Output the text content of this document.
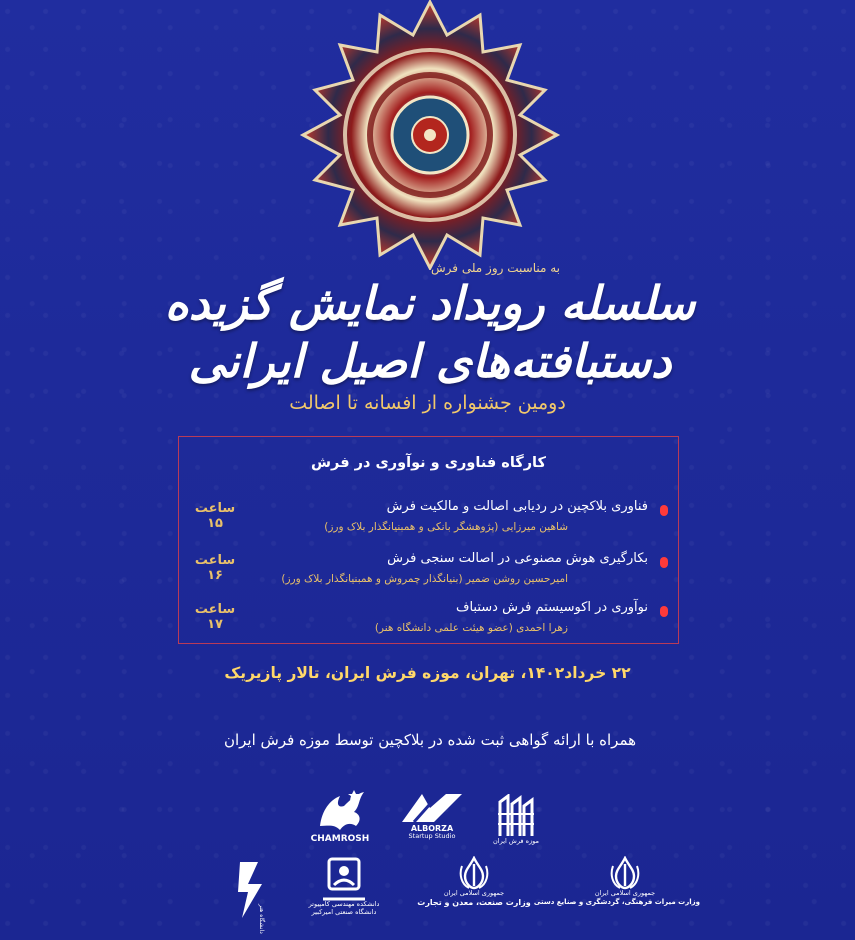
به مناسبت روز ملی فرش
سلسله رویداد نمایش گزیده دستبافته‌های اصیل ایرانی
دومین جشنواره از افسانه تا اصالت
کارگاه فناوری و نوآوری در فرش
فناوری بلاکچین در ردیابی اصالت و مالکیت فرش
شاهین میرزایی (پژوهشگر بانکی و همبنیانگذار بلاک ورز)
ساعت ۱۵
بکارگیری هوش مصنوعی در اصالت سنجی فرش
امیرحسین روشن ضمیر (بنیانگذار چمروش و همبنیانگذار بلاک ورز)
ساعت ۱۶
نوآوری در اکوسیستم فرش دستباف
زهرا احمدی (عضو هیئت علمی دانشگاه هنر)
ساعت ۱۷
۲۲ خرداد۱۴۰۲، تهران، موزه فرش ایران، تالار پازیریک
همراه با ارائه گواهی ثبت شده در بلاکچین توسط موزه فرش ایران
CHAMROSH
ALBORZA
Startup Studio
موزه فرش ایران
دانشگاه هنر	دانشکده مهندسی کامپیوتر
دانشگاه صنعتی امیرکبیر
جمهوری اسلامی ایران
وزارت صنعت، معدن و تجارت
جمهوری اسلامی ایران
وزارت میراث فرهنگی، گردشگری و صنایع دستی
